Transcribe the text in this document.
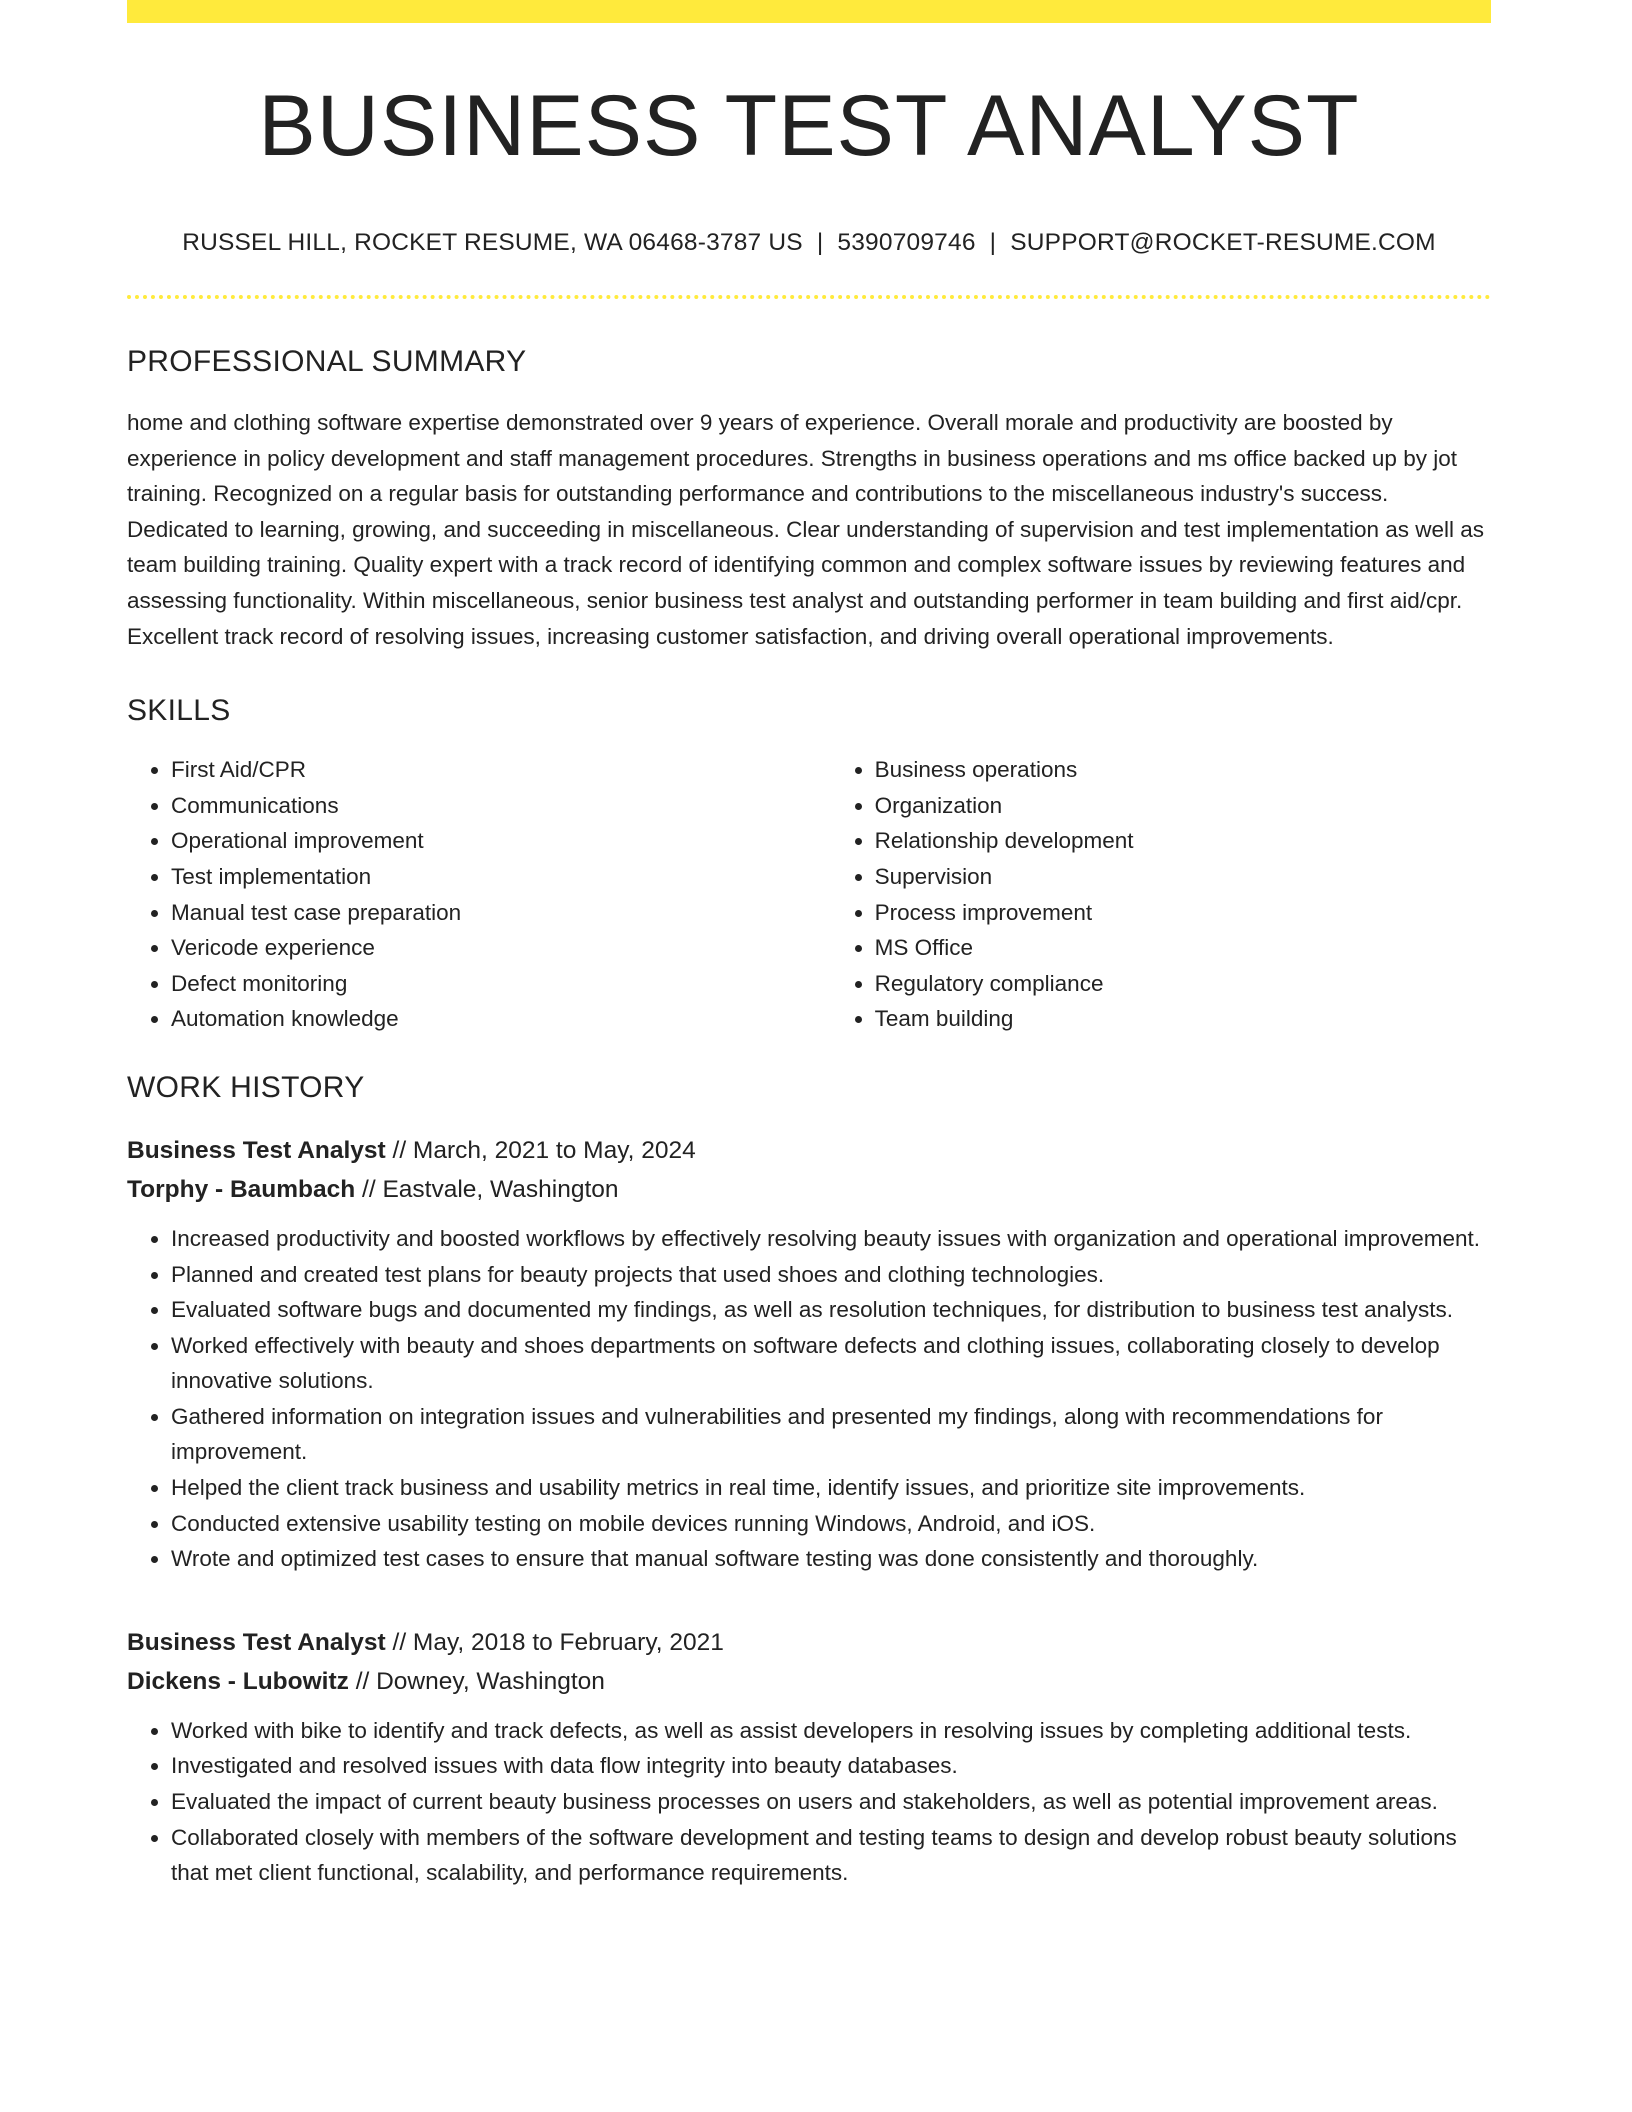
BUSINESS TEST ANALYST
RUSSEL HILL, ROCKET RESUME, WA 06468-3787 US | 5390709746 | SUPPORT@ROCKET-RESUME.COM
PROFESSIONAL SUMMARY

home and clothing software expertise demonstrated over 9 years of experience. Overall morale and productivity are boosted by experience in policy development and staff management procedures. Strengths in business operations and ms office backed up by jot training. Recognized on a regular basis for outstanding performance and contributions to the miscellaneous industry's success. Dedicated to learning, growing, and succeeding in miscellaneous. Clear understanding of supervision and test implementation as well as team building training. Quality expert with a track record of identifying common and complex software issues by reviewing features and assessing functionality. Within miscellaneous, senior business test analyst and outstanding performer in team building and first aid/cpr. Excellent track record of resolving issues, increasing customer satisfaction, and driving overall operational improvements.

SKILLS
• First Aid/CPR
• Communications
• Operational improvement
• Test implementation
• Manual test case preparation
• Vericode experience
• Defect monitoring
• Automation knowledge
• Business operations
• Organization
• Relationship development
• Supervision
• Process improvement
• MS Office
• Regulatory compliance
• Team building
WORK HISTORY
Business Test Analyst // March, 2021 to May, 2024
Torphy - Baumbach // Eastvale, Washington
• Increased productivity and boosted workflows by effectively resolving beauty issues with organization and operational improvement.
• Planned and created test plans for beauty projects that used shoes and clothing technologies.
• Evaluated software bugs and documented my findings, as well as resolution techniques, for distribution to business test analysts.
• Worked effectively with beauty and shoes departments on software defects and clothing issues, collaborating closely to develop innovative solutions.
• Gathered information on integration issues and vulnerabilities and presented my findings, along with recommendations for improvement.
• Helped the client track business and usability metrics in real time, identify issues, and prioritize site improvements.
• Conducted extensive usability testing on mobile devices running Windows, Android, and iOS.
• Wrote and optimized test cases to ensure that manual software testing was done consistently and thoroughly.
Business Test Analyst // May, 2018 to February, 2021
Dickens - Lubowitz // Downey, Washington
• Worked with bike to identify and track defects, as well as assist developers in resolving issues by completing additional tests.
• Investigated and resolved issues with data flow integrity into beauty databases.
• Evaluated the impact of current beauty business processes on users and stakeholders, as well as potential improvement areas.
• Collaborated closely with members of the software development and testing teams to design and develop robust beauty solutions that met client functional, scalability, and performance requirements.
